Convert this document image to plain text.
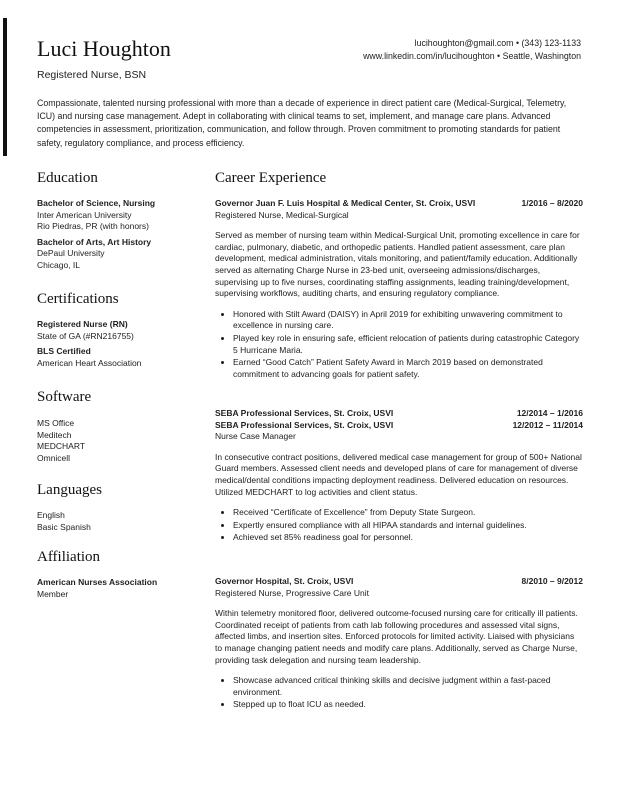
Luci Houghton
Registered Nurse, BSN
lucihoughton@gmail.com • (343) 123-1133
www.linkedin.com/in/lucihoughton • Seattle, Washington
Compassionate, talented nursing professional with more than a decade of experience in direct patient care (Medical-Surgical, Telemetry, ICU) and nursing case management. Adept in collaborating with clinical teams to set, implement, and manage care plans. Advanced competencies in assessment, prioritization, communication, and follow through. Proven commitment to promoting standards for patient safety, regulatory compliance, and process efficiency.
Education
Bachelor of Science, Nursing
Inter American University
Rio Piedras, PR (with honors)
Bachelor of Arts, Art History
DePaul University
Chicago, IL
Certifications
Registered Nurse (RN)
State of GA (#RN216755)
BLS Certified
American Heart Association
Software
MS Office
Meditech
MEDCHART
Omnicell
Languages
English
Basic Spanish
Affiliation
American Nurses Association
Member
Career Experience
Governor Juan F. Luis Hospital & Medical Center, St. Croix, USVI	1/2016 – 8/2020
Registered Nurse, Medical-Surgical
Served as member of nursing team within Medical-Surgical Unit, promoting excellence in care for cardiac, pulmonary, diabetic, and orthopedic patients. Handled patient assessment, care plan development, medical administration, vitals monitoring, and patient/family education. Additionally served as alternating Charge Nurse in 23-bed unit, overseeing admissions/discharges, supervising up to five nurses, coordinating staffing assignments, leading training/development, supervising workflows, auditing charts, and ensuring regulatory compliance.
• Honored with Stilt Award (DAISY) in April 2019 for exhibiting unwavering commitment to excellence in nursing care.
• Played key role in ensuring safe, efficient relocation of patients during catastrophic Category 5 Hurricane Maria.
• Earned “Good Catch” Patient Safety Award in March 2019 based on demonstrated commitment to advancing goals for patient safety.
SEBA Professional Services, St. Croix, USVI	12/2014 – 1/2016
SEBA Professional Services, St. Croix, USVI	12/2012 – 11/2014
Nurse Case Manager
In consecutive contract positions, delivered medical case management for group of 500+ National Guard members. Assessed client needs and developed plans of care for management of diverse medical/dental conditions impacting deployment readiness. Delivered education on resources. Utilized MEDCHART to log activities and client status.
• Received “Certificate of Excellence” from Deputy State Surgeon.
• Expertly ensured compliance with all HIPAA standards and internal guidelines.
• Achieved set 85% readiness goal for personnel.
Governor Hospital, St. Croix, USVI	8/2010 – 9/2012
Registered Nurse, Progressive Care Unit
Within telemetry monitored floor, delivered outcome-focused nursing care for critically ill patients. Coordinated receipt of patients from cath lab following procedures and assessed vital signs, affected limbs, and insertion sites. Enforced protocols for limited activity. Liaised with physicians to manage changing patient needs and modify care plans. Additionally, served as Charge Nurse, providing task delegation and nursing team leadership.
• Showcase advanced critical thinking skills and decisive judgment within a fast-paced environment.
• Stepped up to float ICU as needed.
